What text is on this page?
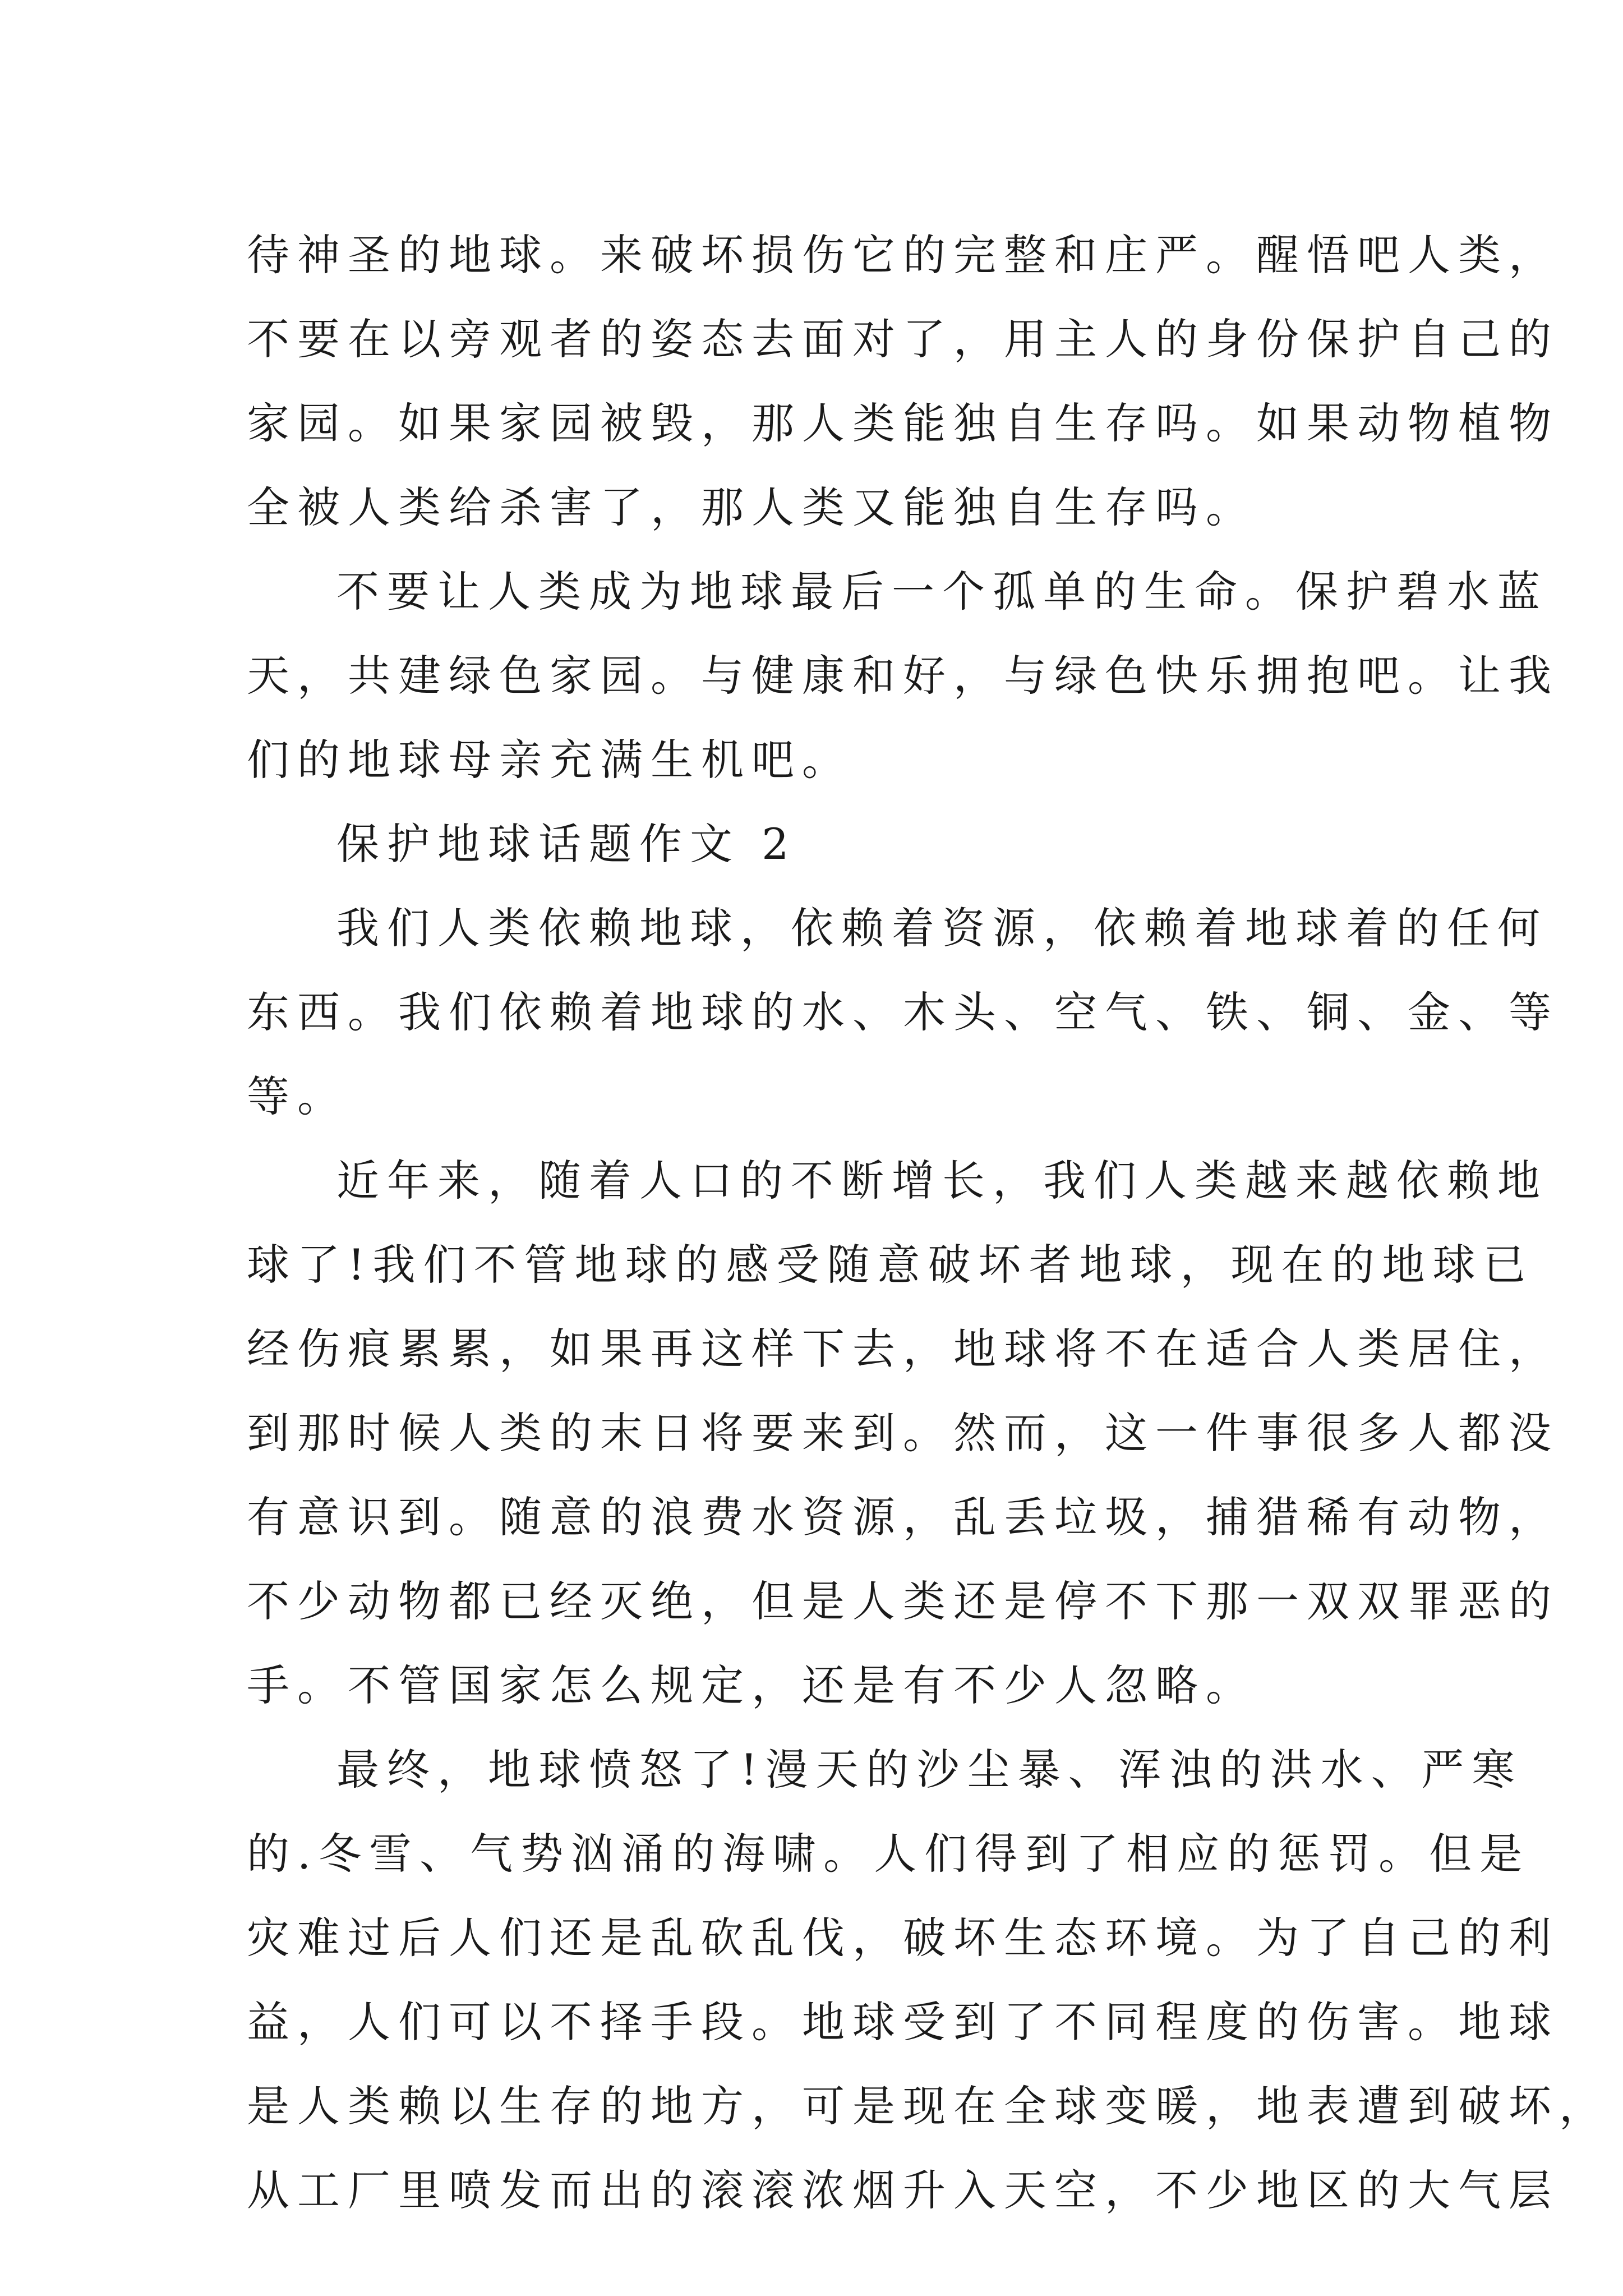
待神圣的地球。来破坏损伤它的完整和庄严。醒悟吧人类，
不要在以旁观者的姿态去面对了，用主人的身份保护自己的
家园。如果家园被毁，那人类能独自生存吗。如果动物植物
全被人类给杀害了，那人类又能独自生存吗。
不要让人类成为地球最后一个孤单的生命。保护碧水蓝
天，共建绿色家园。与健康和好，与绿色快乐拥抱吧。让我
们的地球母亲充满生机吧。
保护地球话题作文 2
我们人类依赖地球，依赖着资源，依赖着地球着的任何
东西。我们依赖着地球的水、木头、空气、铁、铜、金、等
等。
近年来，随着人口的不断增长，我们人类越来越依赖地
球了!我们不管地球的感受随意破坏者地球，现在的地球已
经伤痕累累，如果再这样下去，地球将不在适合人类居住，
到那时候人类的末日将要来到。然而，这一件事很多人都没
有意识到。随意的浪费水资源，乱丢垃圾，捕猎稀有动物，
不少动物都已经灭绝，但是人类还是停不下那一双双罪恶的
手。不管国家怎么规定，还是有不少人忽略。
最终，地球愤怒了!漫天的沙尘暴、浑浊的洪水、严寒
的.冬雪、气势汹涌的海啸。人们得到了相应的惩罚。但是
灾难过后人们还是乱砍乱伐，破坏生态环境。为了自己的利
益，人们可以不择手段。地球受到了不同程度的伤害。地球
是人类赖以生存的地方，可是现在全球变暖，地表遭到破坏，
从工厂里喷发而出的滚滚浓烟升入天空，不少地区的大气层
